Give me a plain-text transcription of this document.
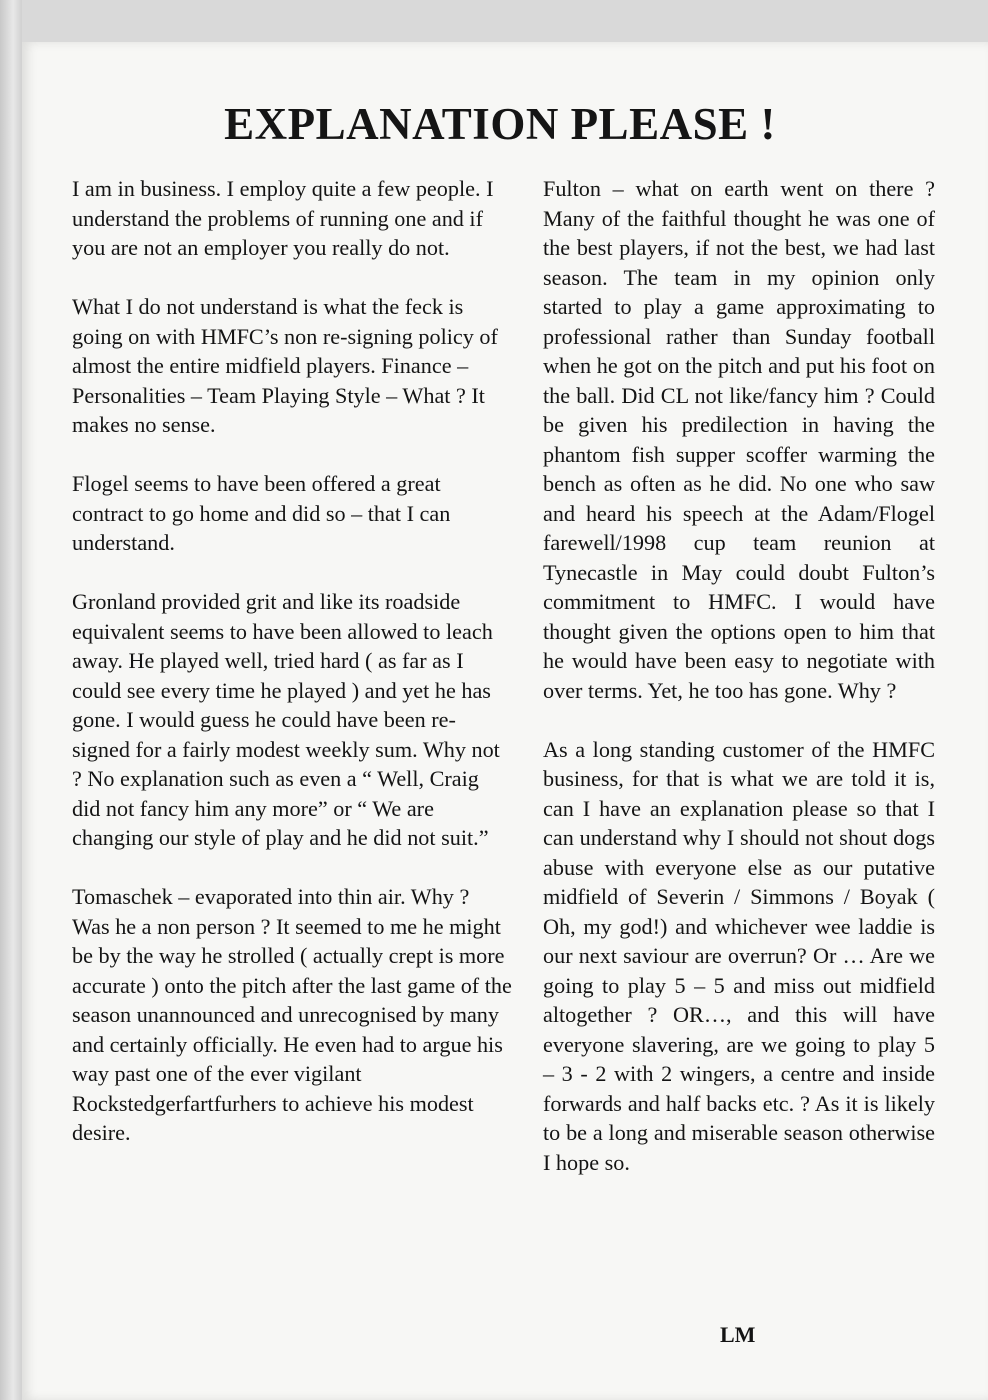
EXPLANATION PLEASE !

I am in business. I employ quite a few people. I understand the problems of running one and if you are not an employer you really do not.

What I do not understand is what the feck is going on with HMFC’s non re-signing policy of almost the entire midfield players. Finance – Personalities – Team Playing Style – What ? It makes no sense.

Flogel seems to have been offered a great contract to go home and did so – that I can understand.

Gronland provided grit and like its roadside equivalent seems to have been allowed to leach away. He played well, tried hard ( as far as I could see every time he played ) and yet he has gone. I would guess he could have been re-signed for a fairly modest weekly sum. Why not ? No explanation such as even a “ Well, Craig did not fancy him any more” or “ We are changing our style of play and he did not suit.”

Tomaschek – evaporated into thin air. Why ? Was he a non person ? It seemed to me he might be by the way he strolled ( actually crept is more accurate ) onto the pitch after the last game of the season unannounced and unrecognised by many and certainly officially. He even had to argue his way past one of the ever vigilant Rockstedgerfartfurhers to achieve his modest desire.

Fulton – what on earth went on there ? Many of the faithful thought he was one of the best players, if not the best, we had last season. The team in my opinion only started to play a game approximating to professional rather than Sunday football when he got on the pitch and put his foot on the ball. Did CL not like/fancy him ? Could be given his predilection in having the phantom fish supper scoffer warming the bench as often as he did. No one who saw and heard his speech at the Adam/Flogel farewell/1998 cup team reunion at Tynecastle in May could doubt Fulton’s commitment to HMFC. I would have thought given the options open to him that he would have been easy to negotiate with over terms. Yet, he too has gone. Why ?

As a long standing customer of the HMFC business, for that is what we are told it is, can I have an explanation please so that I can understand why I should not shout dogs abuse with everyone else as our putative midfield of Severin / Simmons / Boyak ( Oh, my god!) and whichever wee laddie is our next saviour are overrun? Or … Are we going to play 5 – 5 and miss out midfield altogether ? OR…, and this will have everyone slavering, are we going to play 5 – 3 - 2 with 2 wingers, a centre and inside forwards and half backs etc. ? As it is likely to be a long and miserable season otherwise I hope so.

LM
